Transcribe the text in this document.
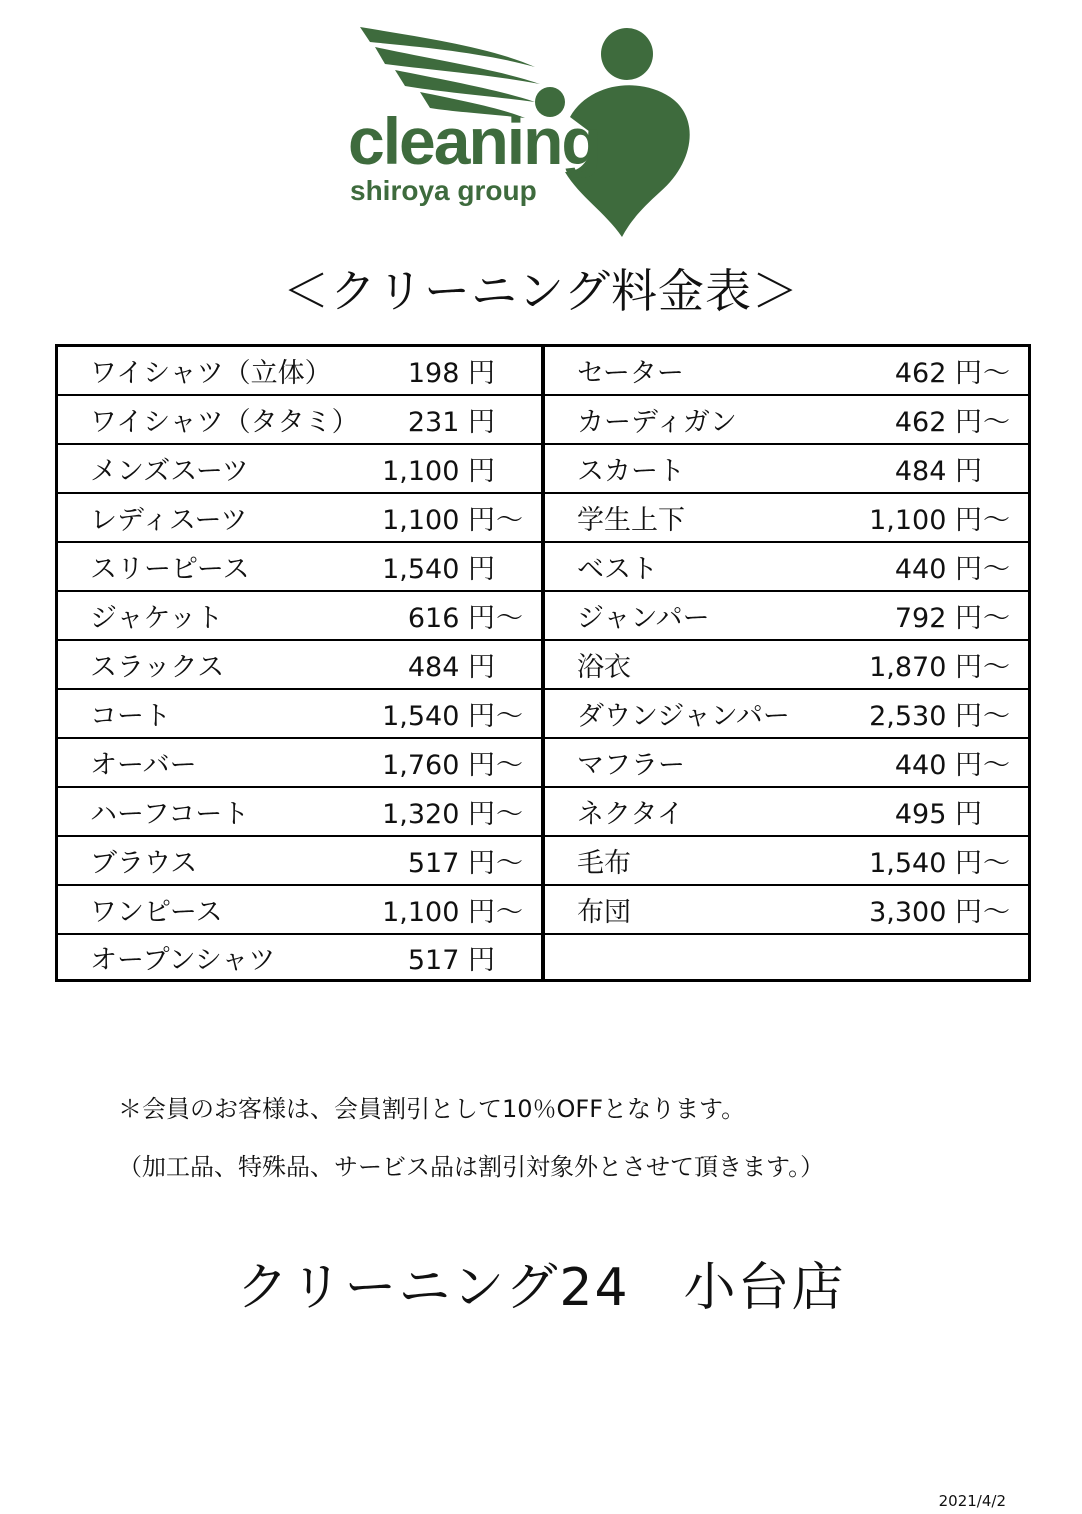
cleaning
shiroya group
＜クリーニング料金表＞
ワイシャツ（立体）	198 円
ワイシャツ（タタミ） 231 円
メンズスーツ	1,100 円
レディスーツ	1,100 円 ～
スリーピース	1,540 円
ジャケット	616 円 ～
スラックス	484 円
コート	1,540 円 ～
オーバー	1,760 円 ～
ハーフコート	1,320 円 ～
ブラウス	517 円 ～
ワンピース	1,100 円 ～
オープンシャツ	517 円
セーター	462 円 ～
カーディガン	462 円 ～
スカート	484 円
学生上下	1,100 円 ～
ベスト	440 円 ～
ジャンパー	792 円 ～
浴衣	1,870 円 ～
ダウンジャンパー	2,530 円 ～
マフラー	440 円 ～
ネクタイ	495 円
毛布	1,540 円 ～
布団	3,300 円 ～
＊会員のお客様は、会員割引として10％OFFとなります。
（加工品、特殊品、サービス品は割引対象外とさせて頂きます。）
クリーニング24　小台店
2021/4/2
